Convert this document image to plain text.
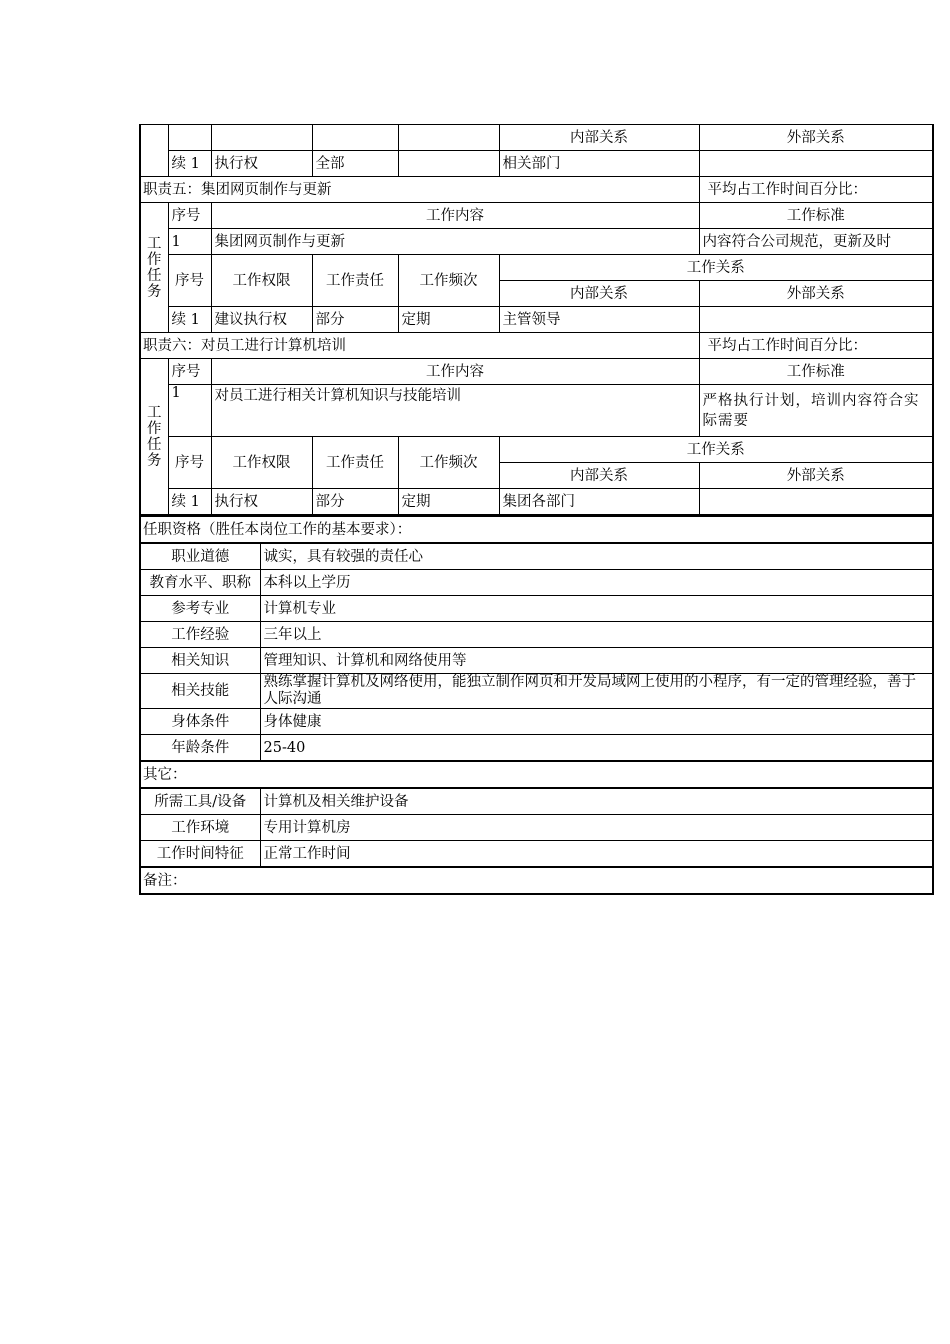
					内部关系	外部关系
	续 1	执行权	全部		相关部门	
职责五：集团网页制作与更新						平均占工作时间百分比：
工作任务	序号	工作内容				工作标准
	1	集团网页制作与更新				内容符合公司规范，更新及时
	序号	工作权限	工作责任	工作频次	工作关系	
					内部关系	外部关系
	续 1	建议执行权	部分	定期	主管领导	
职责六：对员工进行计算机培训						平均占工作时间百分比：
工作任务	序号	工作内容				工作标准
	1	对员工进行相关计算机知识与技能培训				严格执行计划，培训内容符合实际需要
	序号	工作权限	工作责任	工作频次	工作关系	
					内部关系	外部关系
	续 1	执行权	部分	定期	集团各部门	
任职资格（胜任本岗位工作的基本要求）：	
职业道德	诚实，具有较强的责任心
教育水平、职称	本科以上学历
参考专业	计算机专业
工作经验	三年以上
相关知识	管理知识、计算机和网络使用等
相关技能	熟练掌握计算机及网络使用，能独立制作网页和开发局域网上使用的小程序，有一定的管理经验，善于人际沟通
身体条件	身体健康
年龄条件	25-40
其它：	
所需工具/设备	计算机及相关维护设备
工作环境	专用计算机房
工作时间特征	正常工作时间
备注：	
